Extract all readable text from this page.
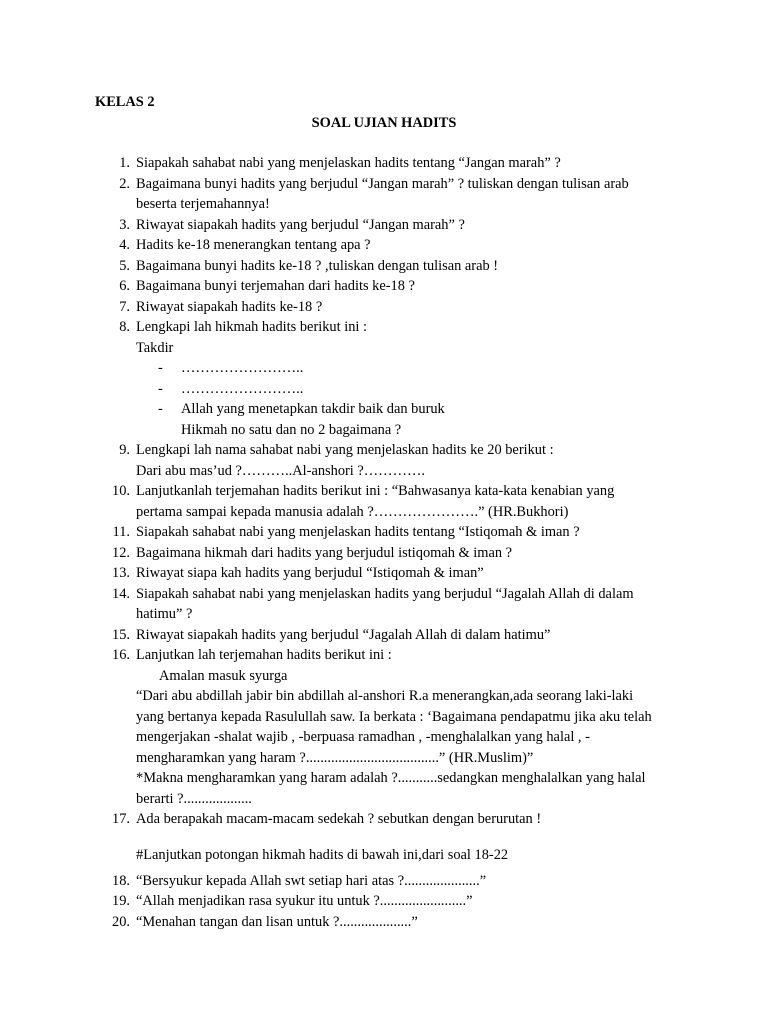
KELAS 2
SOAL UJIAN HADITS
1. Siapakah sahabat nabi yang menjelaskan hadits tentang “Jangan marah” ?
2. Bagaimana bunyi hadits yang berjudul “Jangan marah” ? tuliskan dengan tulisan arab
beserta terjemahannya!
3. Riwayat siapakah hadits yang berjudul “Jangan marah” ?
4. Hadits ke-18 menerangkan tentang apa ?
5. Bagaimana bunyi hadits ke-18 ? ,tuliskan dengan tulisan arab !
6. Bagaimana bunyi terjemahan dari hadits ke-18 ?
7. Riwayat siapakah hadits ke-18 ?
8. Lengkapi lah hikmah hadits berikut ini :
Takdir
- ……………………..
- ……………………..
- Allah yang menetapkan takdir baik dan buruk
Hikmah no satu dan no 2 bagaimana ?
9. Lengkapi lah nama sahabat nabi yang menjelaskan hadits ke 20 berikut :
Dari abu mas’ud ?………..Al-anshori ?………….
10. Lanjutkanlah terjemahan hadits berikut ini : “Bahwasanya kata-kata kenabian yang
pertama sampai kepada manusia adalah ?………………….” (HR.Bukhori)
11. Siapakah sahabat nabi yang menjelaskan hadits tentang “Istiqomah & iman ?
12. Bagaimana hikmah dari hadits yang berjudul istiqomah & iman ?
13. Riwayat siapa kah hadits yang berjudul “Istiqomah & iman”
14. Siapakah sahabat nabi yang menjelaskan hadits yang berjudul “Jagalah Allah di dalam
hatimu” ?
15. Riwayat siapakah hadits yang berjudul “Jagalah Allah di dalam hatimu”
16. Lanjutkan lah terjemahan hadits berikut ini :
Amalan masuk syurga
“Dari abu abdillah jabir bin abdillah al-anshori R.a menerangkan,ada seorang laki-laki
yang bertanya kepada Rasulullah saw. Ia berkata : ‘Bagaimana pendapatmu jika aku telah
mengerjakan -shalat wajib , -berpuasa ramadhan , -menghalalkan yang halal , -
mengharamkan yang haram ?.....................................” (HR.Muslim)”
*Makna mengharamkan yang haram adalah ?...........sedangkan menghalalkan yang halal
berarti ?...................
17. Ada berapakah macam-macam sedekah ? sebutkan dengan berurutan !
#Lanjutkan potongan hikmah hadits di bawah ini,dari soal 18-22
18. “Bersyukur kepada Allah swt setiap hari atas ?.....................”
19. “Allah menjadikan rasa syukur itu untuk ?........................”
20. “Menahan tangan dan lisan untuk ?....................”
